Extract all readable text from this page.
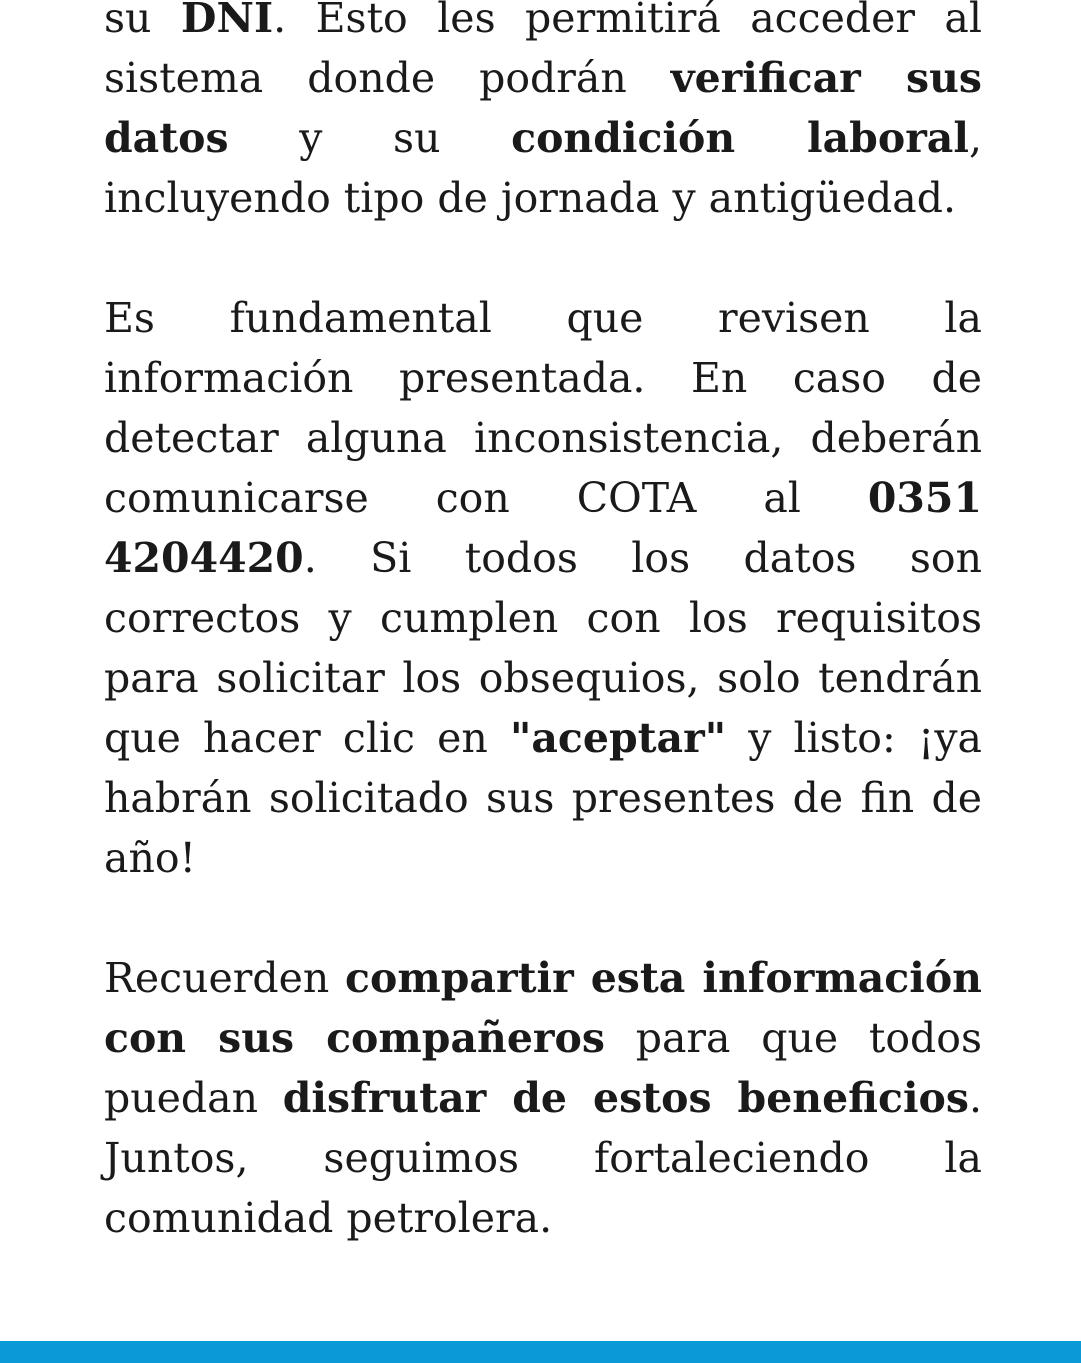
su DNI. Esto les permitirá acceder al sistema donde podrán verificar sus datos y su condición laboral, incluyendo tipo de jornada y antigüedad.

Es fundamental que revisen la información presentada. En caso de detectar alguna inconsistencia, deberán comunicarse con COTA al 0351 4204420. Si todos los datos son correctos y cumplen con los requisitos para solicitar los obsequios, solo tendrán que hacer clic en "aceptar" y listo: ¡ya habrán solicitado sus presentes de fin de año!

Recuerden compartir esta información con sus compañeros para que todos puedan disfrutar de estos beneficios. Juntos, seguimos fortaleciendo la comunidad petrolera.
